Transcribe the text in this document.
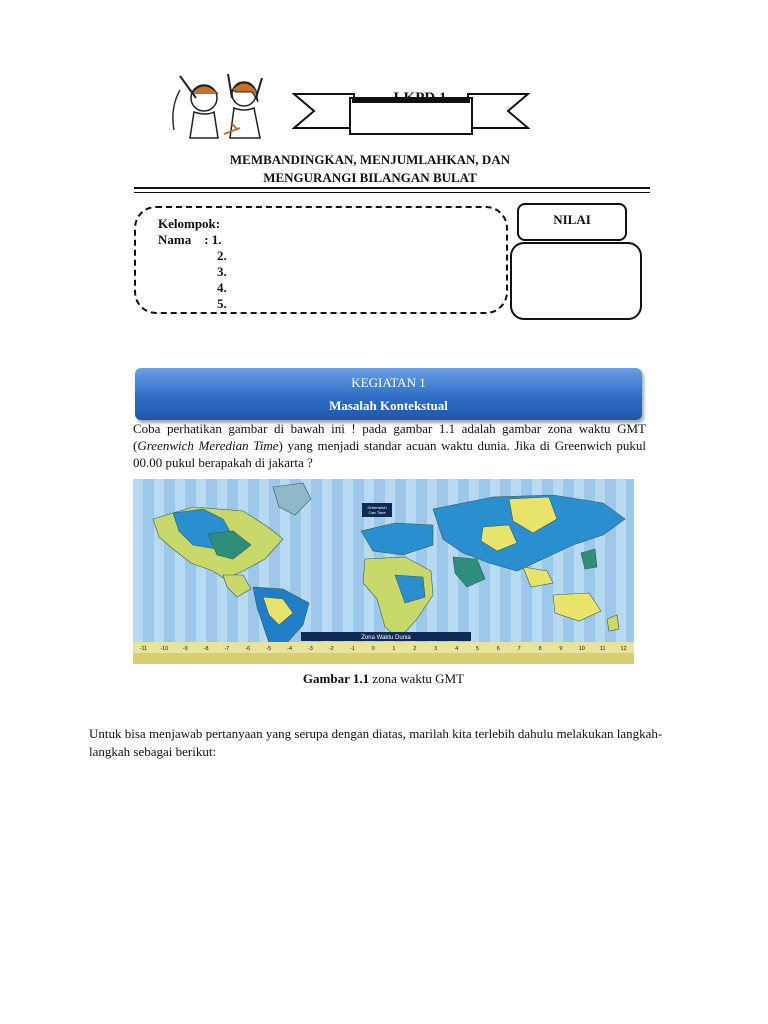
LKPD 1
MEMBANDINGKAN, MENJUMLAHKAN, DAN
MENGURANGI BILANGAN BULAT
Kelompok:
Nama    : 1.
2.
3.
4.
5.
NILAI
KEGIATAN 1
Masalah Kontekstual
Coba perhatikan gambar di bawah ini ! pada gambar 1.1 adalah gambar zona waktu GMT (Greenwich Meredian Time) yang menjadi standar acuan waktu dunia. Jika di Greenwich pukul 00.00 pukul berapakah di jakarta ?
Greenwich
Can Time
Zona Waktu Dunia
-11 -10	-9	-8	-7	-6	-5	-4	-3	-2	-1	0	1	2	3	4	5	6	7	8	9	10	11	12
Gambar 1.1 zona waktu GMT
Untuk bisa menjawab pertanyaan yang serupa dengan diatas, marilah kita terlebih dahulu melakukan langkah-langkah sebagai berikut:
